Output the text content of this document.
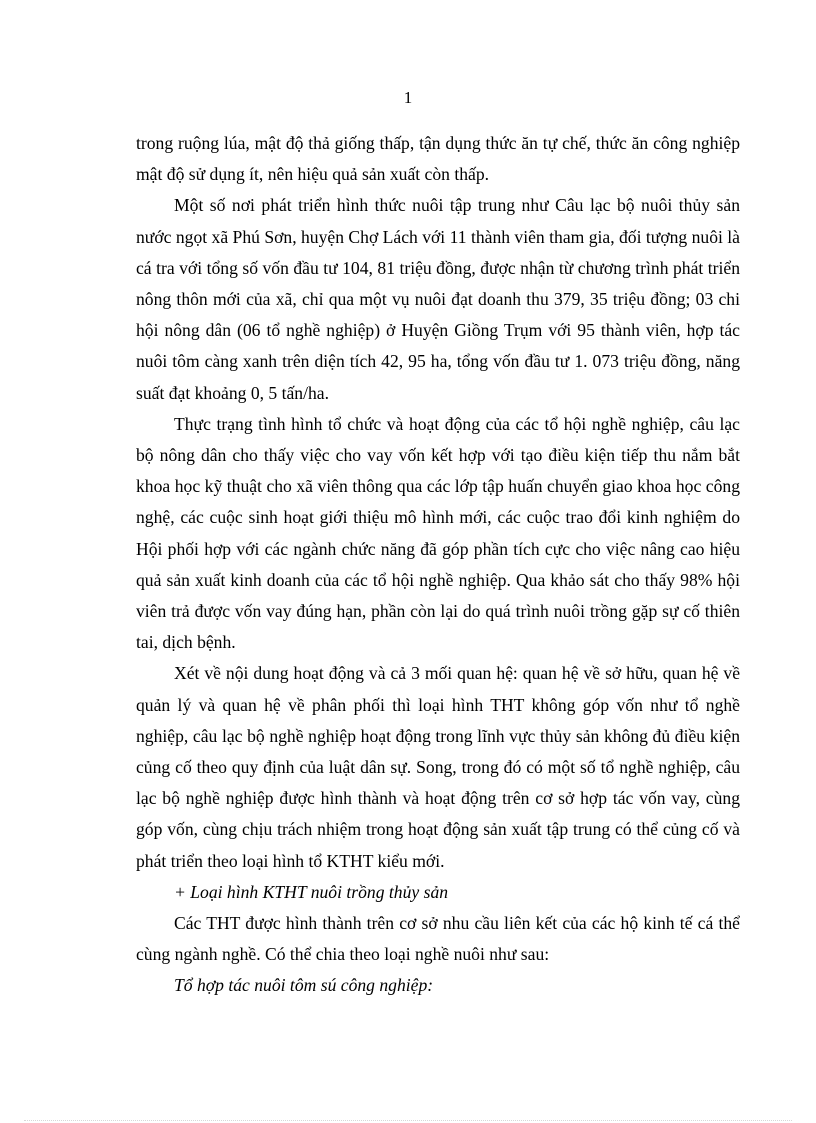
1

trong ruộng lúa, mật độ thả giống thấp, tận dụng thức ăn tự chế, thức ăn công nghiệp mật độ sử dụng ít, nên hiệu quả sản xuất còn thấp.

Một số nơi phát triển hình thức nuôi tập trung như Câu lạc bộ nuôi thủy sản nước ngọt xã Phú Sơn, huyện Chợ Lách với 11 thành viên tham gia, đối tượng nuôi là cá tra với tổng số vốn đầu tư 104, 81 triệu đồng, được nhận từ chương trình phát triển nông thôn mới của xã, chỉ qua một vụ nuôi đạt doanh thu 379, 35 triệu đồng; 03 chi hội nông dân (06 tổ nghề nghiệp) ở Huyện Giồng Trụm với 95 thành viên, hợp tác nuôi tôm càng xanh trên diện tích 42, 95 ha, tổng vốn đầu tư 1. 073 triệu đồng, năng suất đạt khoảng 0, 5 tấn/ha.

Thực trạng tình hình tổ chức và hoạt động của các tổ hội nghề nghiệp, câu lạc bộ nông dân cho thấy việc cho vay vốn kết hợp với tạo điều kiện tiếp thu nắm bắt khoa học kỹ thuật cho xã viên thông qua các lớp tập huấn chuyển giao khoa học công nghệ, các cuộc sinh hoạt giới thiệu mô hình mới, các cuộc trao đổi kinh nghiệm do Hội phối hợp với các ngành chức năng đã góp phần tích cực cho việc nâng cao hiệu quả sản xuất kinh doanh của các tổ hội nghề nghiệp. Qua khảo sát cho thấy 98% hội viên trả được vốn vay đúng hạn, phần còn lại do quá trình nuôi trồng gặp sự cố thiên tai, dịch bệnh.

Xét về nội dung hoạt động và cả 3 mối quan hệ: quan hệ về sở hữu, quan hệ về quản lý và quan hệ về phân phối thì loại hình THT không góp vốn như tổ nghề nghiệp, câu lạc bộ nghề nghiệp hoạt động trong lĩnh vực thủy sản không đủ điều kiện củng cố theo quy định của luật dân sự. Song, trong đó có một số tổ nghề nghiệp, câu lạc bộ nghề nghiệp được hình thành và hoạt động trên cơ sở hợp tác vốn vay, cùng góp vốn, cùng chịu trách nhiệm trong hoạt động sản xuất tập trung có thể củng cố và phát triển theo loại hình tổ KTHT kiểu mới.

+ Loại hình KTHT nuôi trồng thủy sản

Các THT được hình thành trên cơ sở nhu cầu liên kết của các hộ kinh tế cá thể cùng ngành nghề. Có thể chia theo loại nghề nuôi như sau:

Tổ hợp tác nuôi tôm sú công nghiệp:
